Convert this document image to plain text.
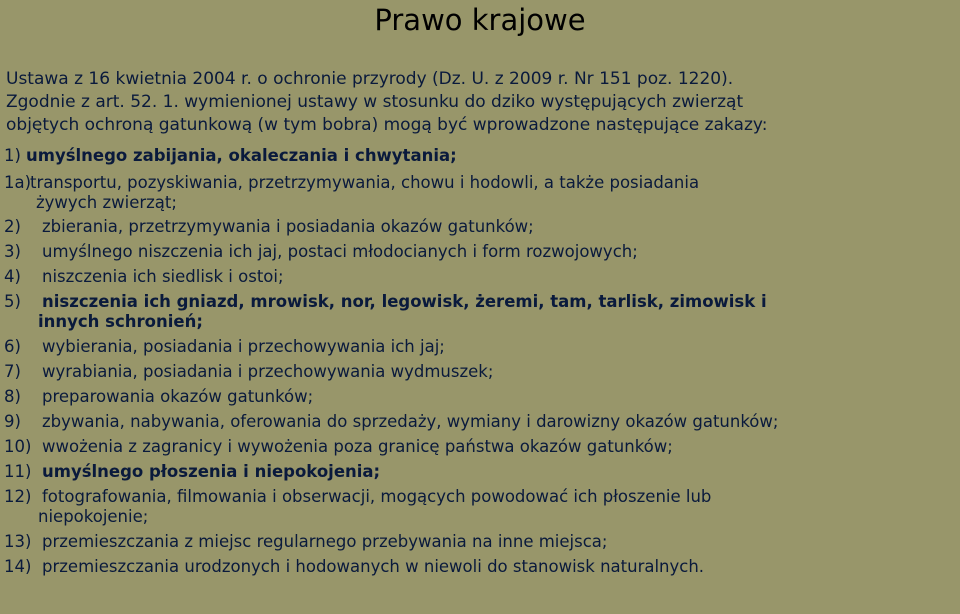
Prawo krajowe
Ustawa z 16 kwietnia 2004 r. o ochronie przyrody (Dz. U. z 2009 r. Nr 151 poz. 1220).
Zgodnie z art. 52. 1. wymienionej ustawy w stosunku do dziko występujących zwierząt
objętych ochroną gatunkową (w tym bobra) mogą być wprowadzone następujące zakazy:
1) umyślnego zabijania, okaleczania i chwytania;
1a)transportu, pozyskiwania, przetrzymywania, chowu i hodowli, a także posiadania
żywych zwierząt;
2) zbierania, przetrzymywania i posiadania okazów gatunków;
3) umyślnego niszczenia ich jaj, postaci młodocianych i form rozwojowych;
4) niszczenia ich siedlisk i ostoi;
5) niszczenia ich gniazd, mrowisk, nor, legowisk, żeremi, tam, tarlisk, zimowisk i
innych schronień;
6) wybierania, posiadania i przechowywania ich jaj;
7) wyrabiania, posiadania i przechowywania wydmuszek;
8) preparowania okazów gatunków;
9) zbywania, nabywania, oferowania do sprzedaży, wymiany i darowizny okazów gatunków;
10) wwożenia z zagranicy i wywożenia poza granicę państwa okazów gatunków;
11) umyślnego płoszenia i niepokojenia;
12) fotografowania, filmowania i obserwacji, mogących powodować ich płoszenie lub
niepokojenie;
13) przemieszczania z miejsc regularnego przebywania na inne miejsca;
14) przemieszczania urodzonych i hodowanych w niewoli do stanowisk naturalnych.
